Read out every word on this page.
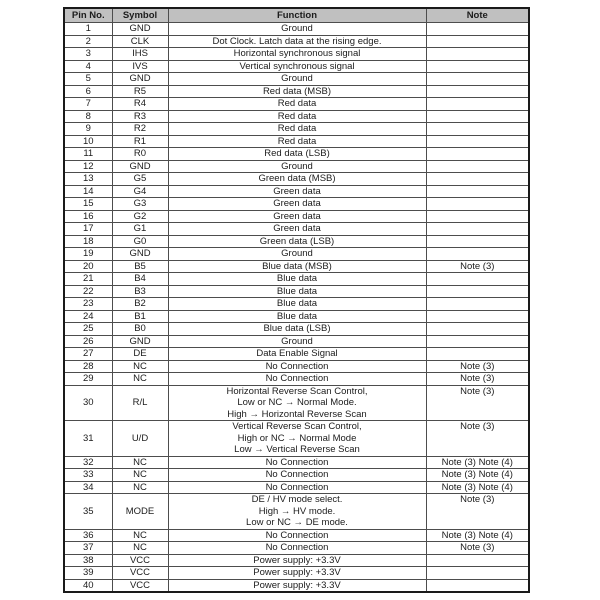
Pin No.	Symbol	Function	Note
1	GND	Ground	

2	CLK	Dot Clock. Latch data at the rising edge.	

3	IHS	Horizontal synchronous signal	

4	IVS	Vertical synchronous signal	

5	GND	Ground	

6	R5	Red data (MSB)	

7	R4	Red data	

8	R3	Red data	

9	R2	Red data	

10	R1	Red data	

11	R0	Red data (LSB)	

12	GND	Ground	

13	G5	Green data (MSB)	

14	G4	Green data	

15	G3	Green data	

16	G2	Green data	

17	G1	Green data	

18	G0	Green data (LSB)	

19	GND	Ground	

20	B5	Blue data (MSB)	Note (3)
21	B4	Blue data	

22	B3	Blue data	

23	B2	Blue data	

24	B1	Blue data	

25	B0	Blue data (LSB)	

26	GND	Ground	

27	DE	Data Enable Signal	

28	NC	No Connection	Note (3)
29	NC	No Connection	Note (3)
30	R/L	Horizontal Reverse Scan Control,
Low or NC → Normal Mode.
High → Horizontal Reverse Scan	Note (3)
31	U/D	Vertical Reverse Scan Control,
High or NC → Normal Mode
Low → Vertical Reverse Scan	Note (3)
32	NC	No Connection	Note (3) Note (4)
33	NC	No Connection	Note (3) Note (4)
34	NC	No Connection	Note (3) Note (4)
35	MODE	DE / HV mode select.
High → HV mode.
Low or NC → DE mode.	Note (3)
36	NC	No Connection	Note (3) Note (4)
37	NC	No Connection	Note (3)
38	VCC	Power supply: +3.3V	

39	VCC	Power supply: +3.3V	

40	VCC	Power supply: +3.3V	
